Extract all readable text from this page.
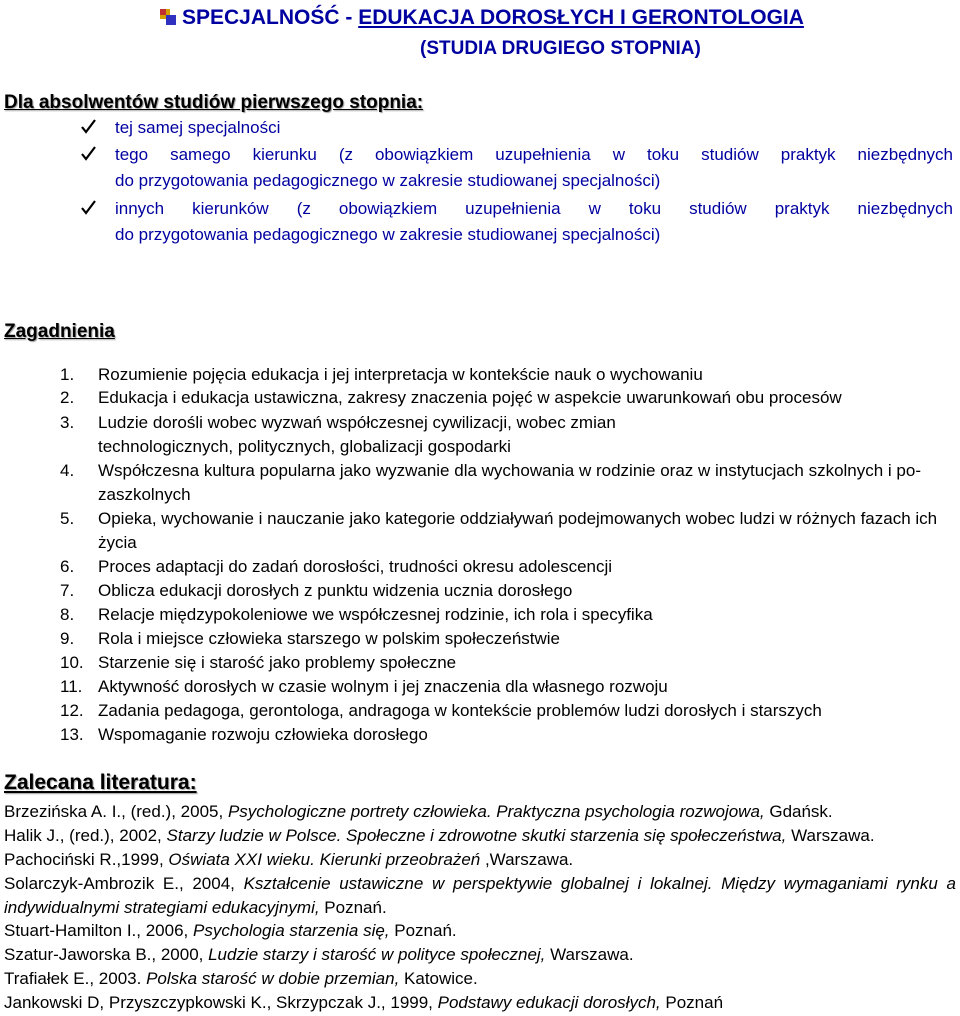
SPECJALNOŚĆ - EDUKACJA DOROSŁYCH I GERONTOLOGIA
(STUDIA DRUGIEGO STOPNIA)
Dla absolwentów studiów pierwszego stopnia:
tej samej specjalności
tego samego kierunku (z obowiązkiem uzupełnienia w toku studiów praktyk niezbędnych
do przygotowania pedagogicznego w zakresie studiowanej specjalności)
innych kierunków (z obowiązkiem uzupełnienia w toku studiów praktyk niezbędnych
do przygotowania pedagogicznego w zakresie studiowanej specjalności)
Zagadnienia
1. Rozumienie pojęcia edukacja i jej interpretacja w kontekście nauk o wychowaniu
2. Edukacja i edukacja ustawiczna, zakresy znaczenia pojęć w aspekcie uwarunkowań obu procesów
3. Ludzie dorośli wobec wyzwań współczesnej cywilizacji, wobec zmian
technologicznych, politycznych, globalizacji gospodarki
4. Współczesna kultura popularna jako wyzwanie dla wychowania w rodzinie oraz w instytucjach szkolnych i po-
zaszkolnych
5. Opieka, wychowanie i nauczanie jako kategorie oddziaływań podejmowanych wobec ludzi w różnych fazach ich
życia
6. Proces adaptacji do zadań dorosłości, trudności okresu adolescencji
7. Oblicza edukacji dorosłych z punktu widzenia ucznia dorosłego
8. Relacje międzypokoleniowe we współczesnej rodzinie, ich rola i specyfika
9. Rola i miejsce człowieka starszego w polskim społeczeństwie
10. Starzenie się i starość jako problemy społeczne
11. Aktywność dorosłych w czasie wolnym i jej znaczenia dla własnego rozwoju
12. Zadania pedagoga, gerontologa, andragoga w kontekście problemów ludzi dorosłych i starszych
13. Wspomaganie rozwoju człowieka dorosłego
Zalecana literatura:
Brzezińska A. I., (red.), 2005, Psychologiczne portrety człowieka. Praktyczna psychologia rozwojowa, Gdańsk.
Halik J., (red.), 2002, Starzy ludzie w Polsce. Społeczne i zdrowotne skutki starzenia się społeczeństwa, Warszawa.
Pachociński R.,1999, Oświata XXI wieku. Kierunki przeobrażeń ,Warszawa.
Solarczyk-Ambrozik E., 2004, Kształcenie ustawiczne w perspektywie globalnej i lokalnej. Między wymaganiami rynku a
indywidualnymi strategiami edukacyjnymi, Poznań.
Stuart-Hamilton I., 2006, Psychologia starzenia się, Poznań.
Szatur-Jaworska B., 2000, Ludzie starzy i starość w polityce społecznej, Warszawa.
Trafiałek E., 2003. Polska starość w dobie przemian, Katowice.
Jankowski D, Przyszczypkowski K., Skrzypczak J., 1999, Podstawy edukacji dorosłych, Poznań
